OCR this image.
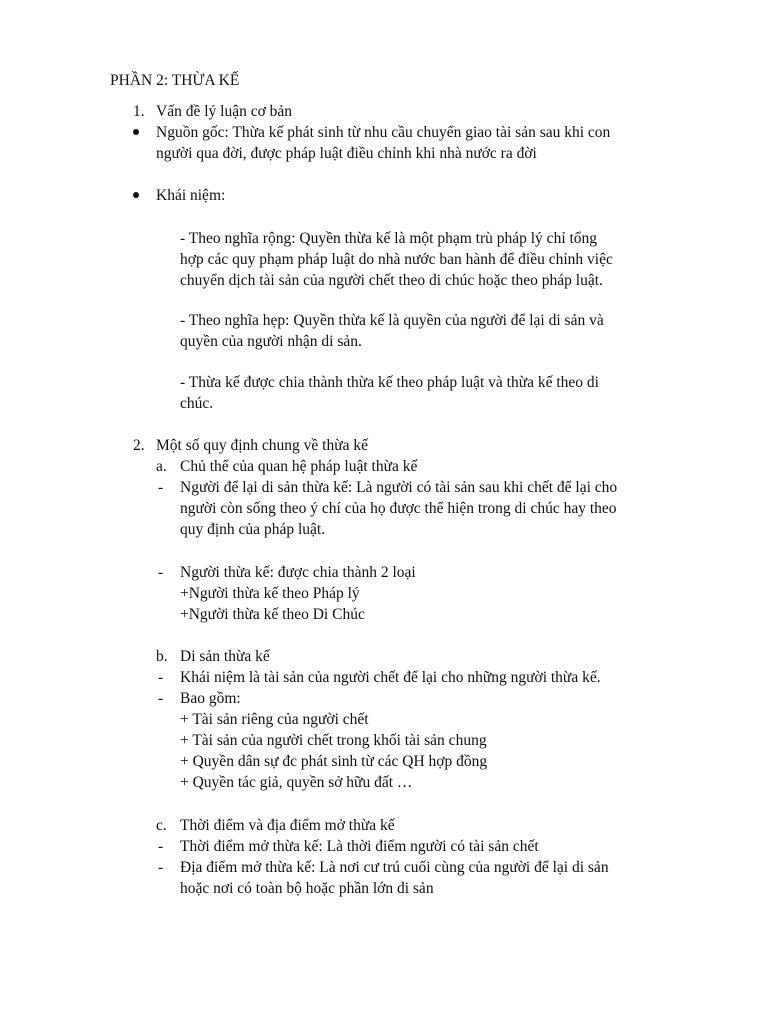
PHẦN 2: THỪA KẾ
1. Vấn đề lý luận cơ bản
Nguồn gốc: Thừa kế phát sinh từ nhu cầu chuyển giao tài sản sau khi con
người qua đời, được pháp luật điều chỉnh khi nhà nước ra đời
Khái niệm:
- Theo nghĩa rộng: Quyền thừa kế là một phạm trù pháp lý chỉ tổng
hợp các quy phạm pháp luật do nhà nước ban hành để điều chỉnh việc
chuyển dịch tài sản của người chết theo di chúc hoặc theo pháp luật.
- Theo nghĩa hẹp: Quyền thừa kế là quyền của người để lại di sản và
quyền của người nhận di sản.
- Thừa kế được chia thành thừa kế theo pháp luật và thừa kế theo di
chúc.
2. Một số quy định chung về thừa kế
a. Chủ thể của quan hệ pháp luật thừa kế
- Người để lại di sản thừa kế: Là người có tài sản sau khi chết để lại cho
người còn sống theo ý chí của họ được thể hiện trong di chúc hay theo
quy định của pháp luật.
- Người thừa kế: được chia thành 2 loại
+Người thừa kế theo Pháp lý
+Người thừa kế theo Di Chúc
b. Di sản thừa kế
- Khái niệm là tài sản của người chết để lại cho những người thừa kế.
- Bao gồm:
+ Tài sản riêng của người chết
+ Tài sản của người chết trong khối tài sản chung
+ Quyền dân sự đc phát sinh từ các QH hợp đồng
+ Quyền tác giả, quyền sở hữu đất …
c. Thời điểm và địa điểm mở thừa kế
- Thời điểm mở thừa kế: Là thời điểm người có tài sản chết
- Địa điểm mở thừa kế: Là nơi cư trú cuối cùng của người để lại di sản
hoặc nơi có toàn bộ hoặc phần lớn di sản
